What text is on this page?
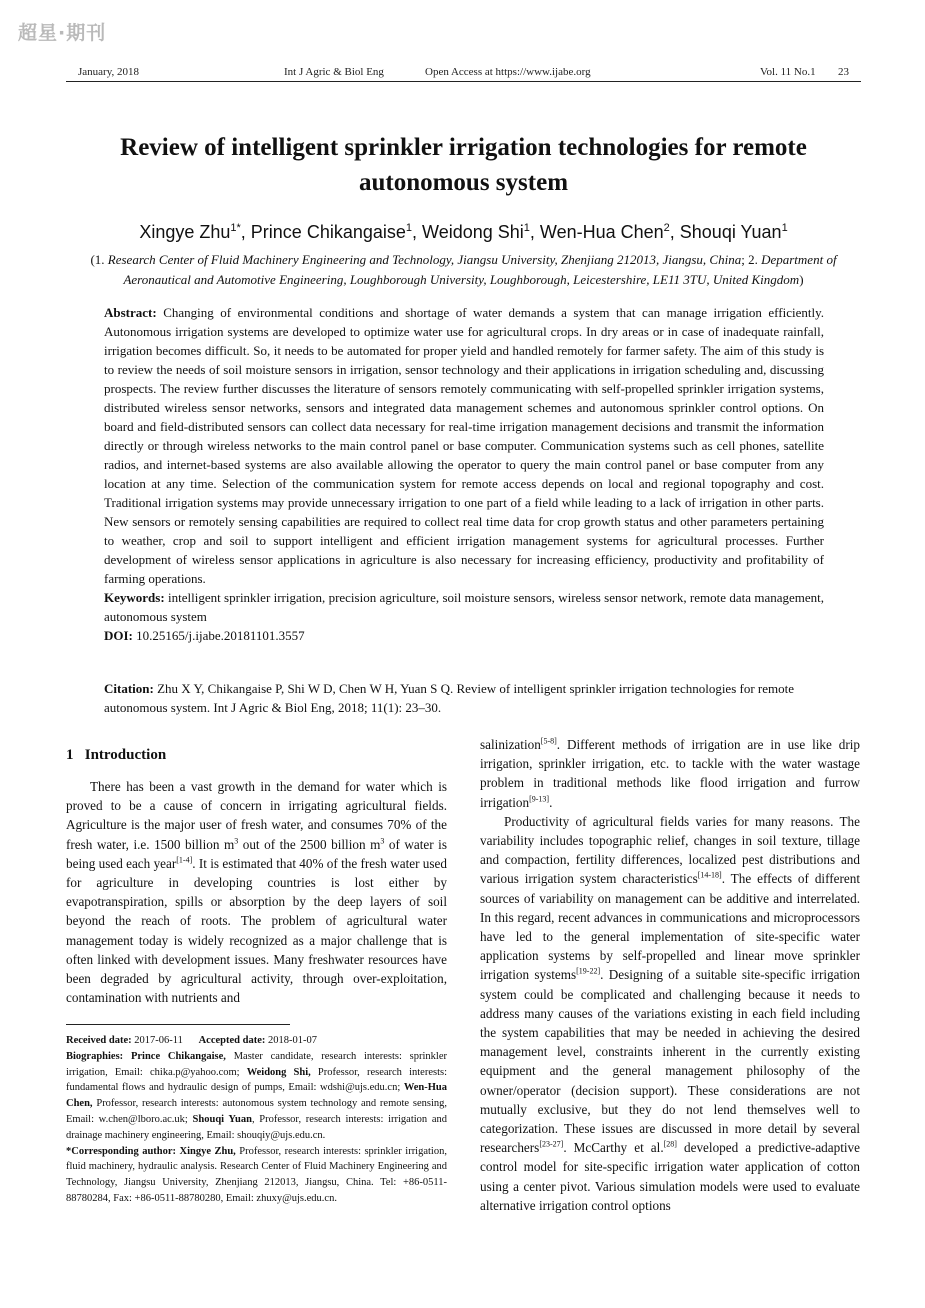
超星·期刊
January, 2018	Int J Agric & Biol Eng	Open Access at https://www.ijabe.org	Vol. 11 No.1 23
Review of intelligent sprinkler irrigation technologies for remote
autonomous system
Xingye Zhu$^{1*}$, Prince Chikangaise$^1$, Weidong Shi$^1$, Wen-Hua Chen$^2$, Shouqi Yuan$^1$
(1. Research Center of Fluid Machinery Engineering and Technology, Jiangsu University, Zhenjiang 212013, Jiangsu, China; 2. Department of Aeronautical and Automotive Engineering, Loughborough University, Loughborough, Leicestershire, LE11 3TU, United Kingdom)

Abstract: Changing of environmental conditions and shortage of water demands a system that can manage irrigation efficiently. Autonomous irrigation systems are developed to optimize water use for agricultural crops. In dry areas or in case of inadequate rainfall, irrigation becomes difficult. So, it needs to be automated for proper yield and handled remotely for farmer safety. The aim of this study is to review the needs of soil moisture sensors in irrigation, sensor technology and their applications in irrigation scheduling and, discussing prospects. The review further discusses the literature of sensors remotely communicating with self-propelled sprinkler irrigation systems, distributed wireless sensor networks, sensors and integrated data management schemes and autonomous sprinkler control options. On board and field-distributed sensors can collect data necessary for real-time irrigation management decisions and transmit the information directly or through wireless networks to the main control panel or base computer. Communication systems such as cell phones, satellite radios, and internet-based systems are also available allowing the operator to query the main control panel or base computer from any location at any time. Selection of the communication system for remote access depends on local and regional topography and cost. Traditional irrigation systems may provide unnecessary irrigation to one part of a field while leading to a lack of irrigation in other parts. New sensors or remotely sensing capabilities are required to collect real time data for crop growth status and other parameters pertaining to weather, crop and soil to support intelligent and efficient irrigation management systems for agricultural processes. Further development of wireless sensor applications in agriculture is also necessary for increasing efficiency, productivity and profitability of farming operations.

Keywords: intelligent sprinkler irrigation, precision agriculture, soil moisture sensors, wireless sensor network, remote data management, autonomous system

DOI: 10.25165/j.ijabe.20181101.3557

Citation: Zhu X Y, Chikangaise P, Shi W D, Chen W H, Yuan S Q. Review of intelligent sprinkler irrigation technologies for remote autonomous system. Int J Agric & Biol Eng, 2018; 11(1): 23–30.
1 Introduction

There has been a vast growth in the demand for water which is proved to be a cause of concern in irrigating agricultural fields. Agriculture is the major user of fresh water, and consumes 70% of the fresh water, i.e. 1500 billion $m^3$ out of the 2500 billion $m^3$ of water is being used each year[1-4]. It is estimated that 40% of the fresh water used for agriculture in developing countries is lost either by evapotranspiration, spills or absorption by the deep layers of soil beyond the reach of roots. The problem of agricultural water management today is widely recognized as a major challenge that is often linked with development issues. Many freshwater resources have been degraded by agricultural activity, through over-exploitation, contamination with nutrients and

salinization[5-8]. Different methods of irrigation are in use like drip irrigation, sprinkler irrigation, etc. to tackle with the water wastage problem in traditional methods like flood irrigation and furrow irrigation[9-13].

Productivity of agricultural fields varies for many reasons. The variability includes topographic relief, changes in soil texture, tillage and compaction, fertility differences, localized pest distributions and various irrigation system characteristics[14-18]. The effects of different sources of variability on management can be additive and interrelated. In this regard, recent advances in communications and microprocessors have led to the general implementation of site-specific water application systems by self-propelled and linear move sprinkler irrigation systems[19-22]. Designing of a suitable site-specific irrigation system could be complicated and challenging because it needs to address many causes of the variations existing in each field including the system capabilities that may be needed in achieving the desired management level, constraints inherent in the currently existing equipment and the general management philosophy of the owner/operator (decision support). These considerations are not mutually exclusive, but they do not lend themselves well to categorization. These issues are discussed in more detail by several researchers[23-27]. McCarthy et al.[28] developed a predictive-adaptive control model for site-specific irrigation water application of cotton using a center pivot. Various simulation models were used to evaluate alternative irrigation control options

Received date: 2017-06-11 Accepted date: 2018-01-07

Biographies: Prince Chikangaise, Master candidate, research interests: sprinkler irrigation, Email: chika.p@yahoo.com; Weidong Shi, Professor, research interests: fundamental flows and hydraulic design of pumps, Email: wdshi@ujs.edu.cn; Wen-Hua Chen, Professor, research interests: autonomous system technology and remote sensing, Email: w.chen@lboro.ac.uk; Shouqi Yuan, Professor, research interests: irrigation and drainage machinery engineering, Email: shouqiy@ujs.edu.cn.

*Corresponding author: Xingye Zhu, Professor, research interests: sprinkler irrigation, fluid machinery, hydraulic analysis. Research Center of Fluid Machinery Engineering and Technology, Jiangsu University, Zhenjiang 212013, Jiangsu, China. Tel: +86-0511-88780284, Fax: +86-0511-88780280, Email: zhuxy@ujs.edu.cn.
